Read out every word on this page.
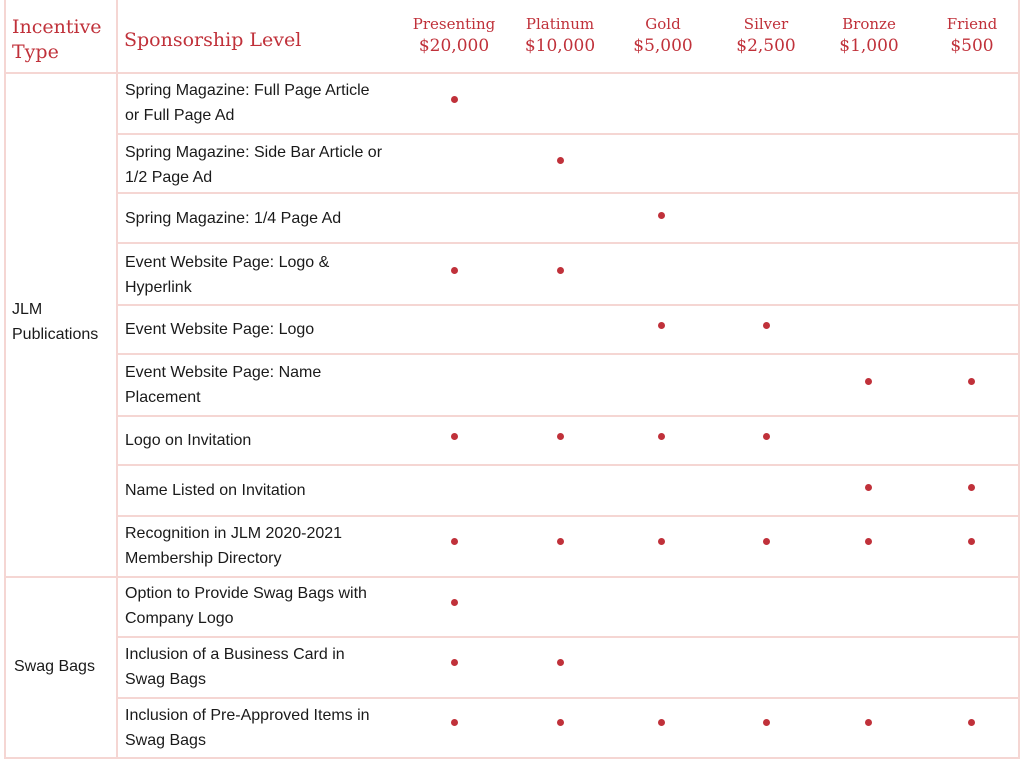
Incentive Type
Sponsorship Level
Presenting
$20,000
Platinum
$10,000
Gold
$5,000
Silver
$2,500
Bronze
$1,000
Friend
$500
JLM Publications
Swag Bags
Spring Magazine: Full Page Article or Full Page Ad
Spring Magazine: Side Bar Article or 1/2 Page Ad
Spring Magazine: 1/4 Page Ad
Event Website Page: Logo & Hyperlink
Event Website Page: Logo
Event Website Page: Name Placement
Logo on Invitation
Name Listed on Invitation
Recognition in JLM 2020-2021 Membership Directory
Option to Provide Swag Bags with Company Logo
Inclusion of a Business Card in Swag Bags
Inclusion of Pre-Approved Items in Swag Bags
